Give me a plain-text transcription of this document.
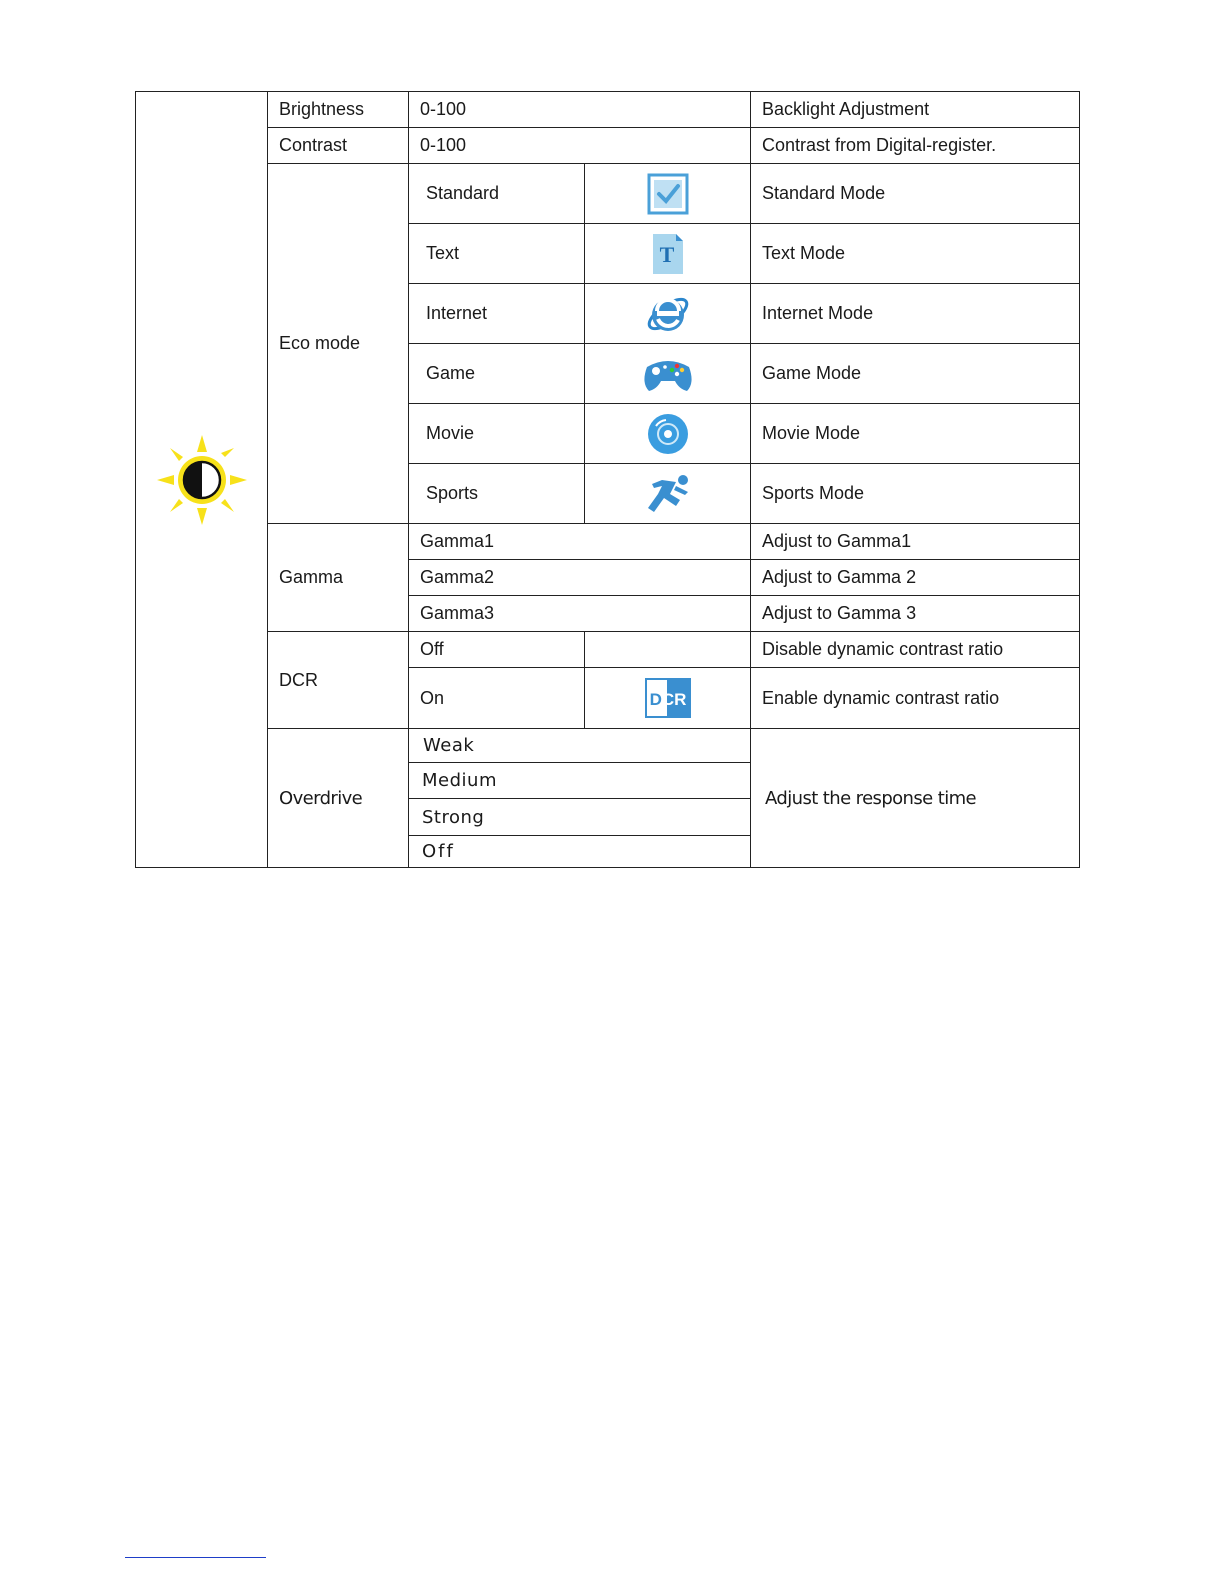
	Brightness	0-100		Backlight Adjustment
	Contrast	0-100		Contrast from Digital-register.
	Eco mode	Standard		Standard Mode
		Text	T	Text Mode
		Internet		Internet Mode
		Game		Game Mode
		Movie		Movie Mode
		Sports		Sports Mode
	Gamma	Gamma1		Adjust to Gamma1
		Gamma2		Adjust to Gamma 2
		Gamma3		Adjust to Gamma 3
	DCR	Off		Disable dynamic contrast ratio
		On	DCR	Enable dynamic contrast ratio
	Overdrive	Weak		Adjust the response time
		Medium		
		Strong		
		Off		
